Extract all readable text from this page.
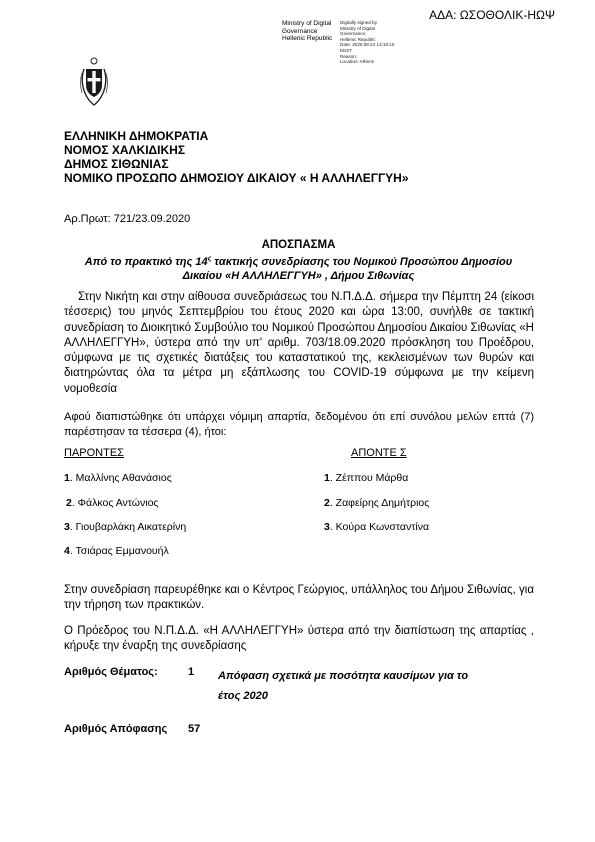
ΑΔΑ: ΩΣΟΘΟΛΙΚ-ΗΩΨ
Ministry of Digital
Governance
Hellenic Republic
Digitally signed by
Ministry of Digital
Governance,
Hellenic Republic
Date: 2020.09.24 13:10:10
EEST
Reason:
Location: Athens
ΕΛΛΗΝΙΚΗ ΔΗΜΟΚΡΑΤΙΑ
ΝΟΜΟΣ ΧΑΛΚΙΔΙΚΗΣ
ΔΗΜΟΣ ΣΙΘΩΝΙΑΣ
ΝΟΜΙΚΟ ΠΡΟΣΩΠΟ ΔΗΜΟΣΙΟΥ ΔΙΚΑΙΟΥ « Η ΑΛΛΗΛΕΓΓΥΗ»
Αρ.Πρωτ: 721/23.09.2020
ΑΠΟΣΠΑΣΜΑ
Από το πρακτικό της $14^\varsigma$ τακτικής συνεδρίασης του Νομικού Προσώπου Δημοσίου
Δικαίου «Η ΑΛΛΗΛΕΓΓΥΗ» , Δήμου Σιθωνίας
Στην Νικήτη και στην αίθουσα συνεδριάσεως του Ν.Π.Δ.Δ. σήμερα την Πέμπτη 24 (είκοσι τέσσερις) του μηνός Σεπτεμβρίου του έτους 2020 και ώρα 13:00, συνήλθε σε τακτική συνεδρίαση το Διοικητικό Συμβούλιο του Νομικού Προσώπου Δημοσίου Δικαίου Σιθωνίας «Η ΑΛΛΗΛΕΓΓΥΗ», ύστερα από την υπ' αριθμ. 703/18.09.2020 πρόσκληση του Προέδρου, σύμφωνα με τις σχετικές διατάξεις του καταστατικού της, κεκλεισμένων των θυρών και διατηρώντας όλα τα μέτρα μη εξάπλωσης του COVID-19 σύμφωνα με την κείμενη νομοθεσία
Αφού διαπιστώθηκε ότι υπάρχει νόμιμη απαρτία, δεδομένου ότι επί συνόλου μελών επτά (7) παρέστησαν τα τέσσερα (4), ήτοι:
ΠΑΡΟΝΤΕΣ	ΑΠΟΝΤΕ Σ
1. Μαλλίνης Αθανάσιος
2. Φάλκος Αντώνιος
3. Γιουβαρλάκη Αικατερίνη
4. Τσιάρας Εμμανουήλ
1. Ζέππου Μάρθα
2. Ζαφείρης Δημήτριος
3. Κούρα Κωνσταντίνα
Στην συνεδρίαση παρευρέθηκε και ο Κέντρος Γεώργιος, υπάλληλος του Δήμου Σιθωνίας, για την τήρηση των πρακτικών.
Ο Πρόεδρος του Ν.Π.Δ.Δ. «Η ΑΛΛΗΛΕΓΓΥΗ» ύστερα από την διαπίστωση της απαρτίας , κήρυξε την έναρξη της συνεδρίασης
Αριθμός Θέματος:	1 Απόφαση σχετικά με ποσότητα καυσίμων για το έτος 2020
Αριθμός Απόφασης 57
